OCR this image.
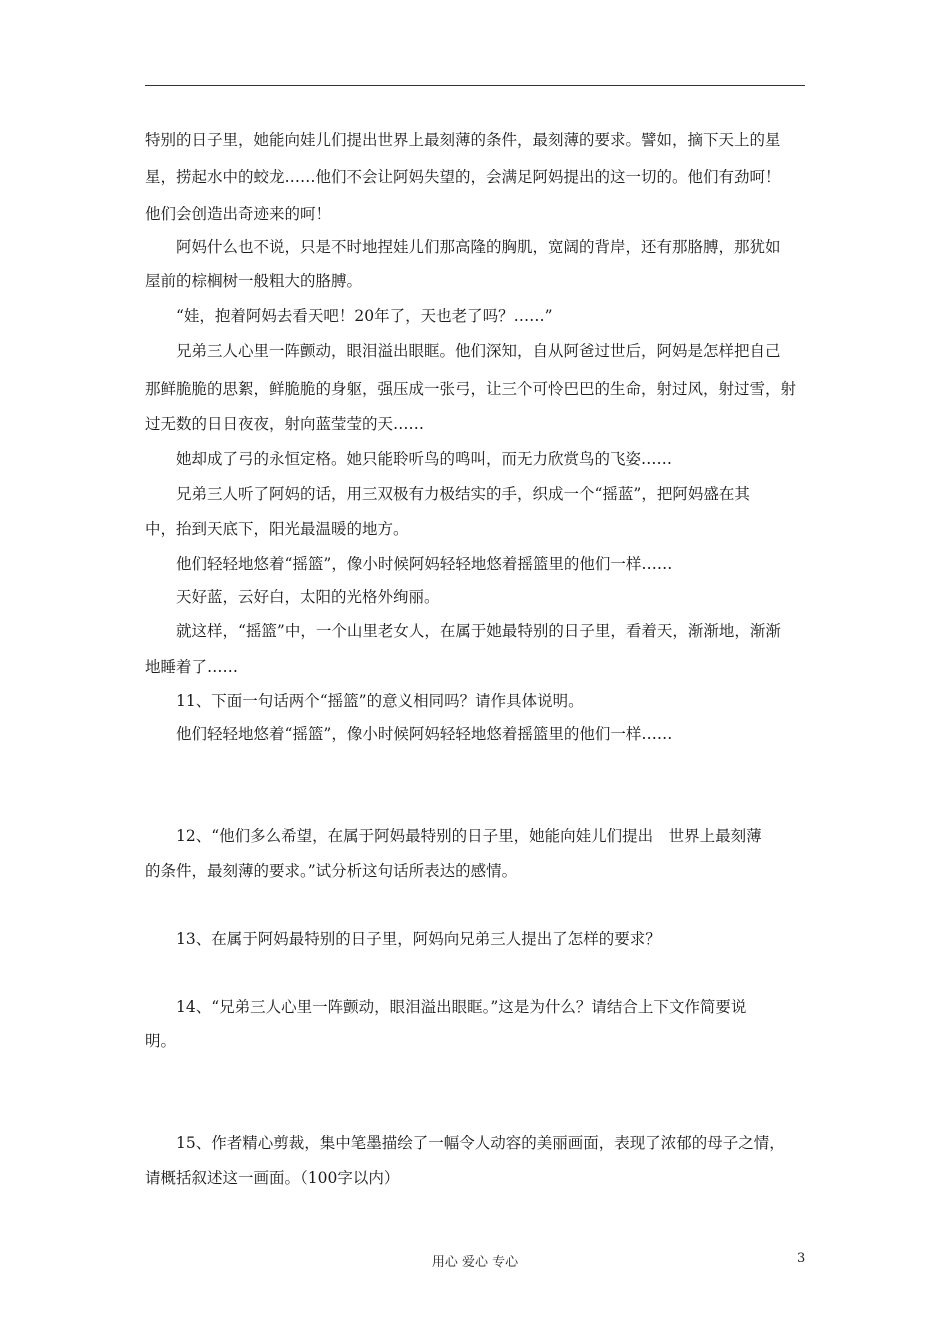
特别的日子里，她能向娃儿们提出世界上最刻薄的条件，最刻薄的要求。譬如，摘下天上的星
星，捞起水中的蛟龙……他们不会让阿妈失望的，会满足阿妈提出的这一切的。他们有劲呵！
他们会创造出奇迹来的呵！
阿妈什么也不说，只是不时地捏娃儿们那高隆的胸肌，宽阔的背岸，还有那胳膊，那犹如
屋前的棕榈树一般粗大的胳膊。
“娃，抱着阿妈去看天吧！20年了，天也老了吗？……”
兄弟三人心里一阵颤动，眼泪溢出眼眶。他们深知，自从阿爸过世后，阿妈是怎样把自己
那鲜脆脆的思絮，鲜脆脆的身躯，强压成一张弓，让三个可怜巴巴的生命，射过风，射过雪，射
过无数的日日夜夜，射向蓝莹莹的天……
她却成了弓的永恒定格。她只能聆听鸟的鸣叫，而无力欣赏鸟的飞姿……
兄弟三人听了阿妈的话，用三双极有力极结实的手，织成一个“摇蓝”，把阿妈盛在其
中，抬到天底下，阳光最温暖的地方。
他们轻轻地悠着“摇篮”，像小时候阿妈轻轻地悠着摇篮里的他们一样……
天好蓝，云好白，太阳的光格外绚丽。
就这样，“摇篮”中，一个山里老女人，在属于她最特别的日子里，看着天，渐渐地，渐渐
地睡着了……
11、下面一句话两个“摇篮”的意义相同吗？请作具体说明。
他们轻轻地悠着“摇篮”，像小时候阿妈轻轻地悠着摇篮里的他们一样……
12、“他们多么希望，在属于阿妈最特别的日子里，她能向娃儿们提出　世界上最刻薄
的条件，最刻薄的要求。”试分析这句话所表达的感情。
13、在属于阿妈最特别的日子里，阿妈向兄弟三人提出了怎样的要求？
14、“兄弟三人心里一阵颤动，眼泪溢出眼眶。”这是为什么？请结合上下文作简要说
明。
15、作者精心剪裁，集中笔墨描绘了一幅令人动容的美丽画面，表现了浓郁的母子之情，
请概括叙述这一画面。（100字以内）
用心 爱心 专心	3
